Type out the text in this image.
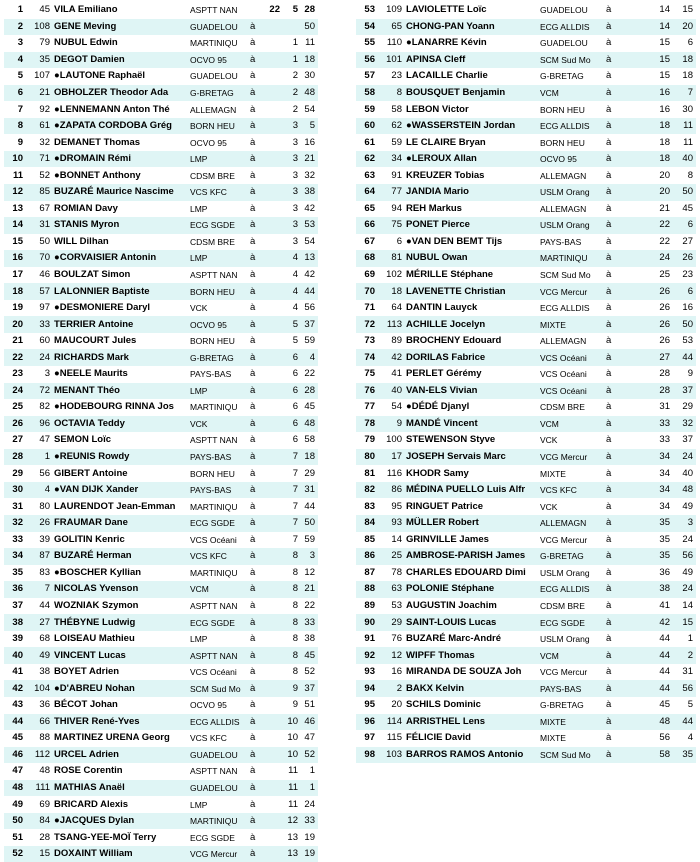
1	45	VILA Emiliano	ASPTT NAN	22	5	28
2	108	GENE Meving	GUADELOU	à		50
3	79	NUBUL Edwin	MARTINIQU	à	1	11
4	35	DEGOT Damien	OCVO 95	à	1	18
5	107	●LAUTONE Raphaël	GUADELOU	à	2	30
6	21	OBHOLZER Theodor Ada	G-BRETAG	à	2	48
7	92	●LENNEMANN Anton Thé	ALLEMAGN	à	2	54
8	61	●ZAPATA CORDOBA Grég	BORN HEU	à	3	5
9	32	DEMANET Thomas	OCVO 95	à	3	16
10	71	●DROMAIN Rémi	LMP	à	3	21
11	52	●BONNET Anthony	CDSM BRE	à	3	32
12	85	BUZARÉ Maurice Nascime	VCS KFC	à	3	38
13	67	ROMIAN Davy	LMP	à	3	42
14	31	STANIS Myron	ECG SGDE	à	3	53
15	50	WILL Dilhan	CDSM BRE	à	3	54
16	70	●CORVAISIER Antonin	LMP	à	4	13
17	46	BOULZAT Simon	ASPTT NAN	à	4	42
18	57	LALONNIER Baptiste	BORN HEU	à	4	44
19	97	●DESMONIERE Daryl	VCK	à	4	56
20	33	TERRIER Antoine	OCVO 95	à	5	37
21	60	MAUCOURT Jules	BORN HEU	à	5	59
22	24	RICHARDS Mark	G-BRETAG	à	6	4
23	3	●NEELE Maurits	PAYS-BAS	à	6	22
24	72	MENANT Théo	LMP	à	6	28
25	82	●HODEBOURG RINNA Jos	MARTINIQU	à	6	45
26	96	OCTAVIA Teddy	VCK	à	6	48
27	47	SEMON Loïc	ASPTT NAN	à	6	58
28	1	●REUNIS Rowdy	PAYS-BAS	à	7	18
29	56	GIBERT Antoine	BORN HEU	à	7	29
30	4	●VAN DIJK Xander	PAYS-BAS	à	7	31
31	80	LAURENDOT Jean-Emman	MARTINIQU	à	7	44
32	26	FRAUMAR Dane	ECG SGDE	à	7	50
33	39	GOLITIN Kenric	VCS Océani	à	7	59
34	87	BUZARÉ Herman	VCS KFC	à	8	3
35	83	●BOSCHER Kyllian	MARTINIQU	à	8	12
36	7	NICOLAS Yvenson	VCM	à	8	21
37	44	WOZNIAK Szymon	ASPTT NAN	à	8	22
38	27	THÉBYNE Ludwig	ECG SGDE	à	8	33
39	68	LOISEAU Mathieu	LMP	à	8	38
40	49	VINCENT Lucas	ASPTT NAN	à	8	45
41	38	BOYET Adrien	VCS Océani	à	8	52
42	104	●D'ABREU Nohan	SCM Sud Mo	à	9	37
43	36	BÉCOT Johan	OCVO 95	à	9	51
44	66	THIVER René-Yves	ECG ALLDIS	à	10	46
45	88	MARTINEZ URENA Georg	VCS KFC	à	10	47
46	112	URCEL Adrien	GUADELOU	à	10	52
47	48	ROSE Corentin	ASPTT NAN	à	11	1
48	111	MATHIAS Anaël	GUADELOU	à	11	1
49	69	BRICARD Alexis	LMP	à	11	24
50	84	●JACQUES Dylan	MARTINIQU	à	12	33
51	28	TSANG-YEE-MOÏ Terry	ECG SGDE	à	13	19
52	15	DOXAINT William	VCG Mercur	à	13	19
53	109	LAVIOLETTE Loïc	GUADELOU	à	14	15
54	65	CHONG-PAN Yoann	ECG ALLDIS	à	14	20
55	110	●LANARRE Kévin	GUADELOU	à	15	6
56	101	APINSA Cleff	SCM Sud Mo	à	15	18
57	23	LACAILLE Charlie	G-BRETAG	à	15	18
58	8	BOUSQUET Benjamin	VCM	à	16	7
59	58	LEBON Victor	BORN HEU	à	16	30
60	62	●WASSERSTEIN Jordan	ECG ALLDIS	à	18	11
61	59	LE CLAIRE Bryan	BORN HEU	à	18	11
62	34	●LEROUX Allan	OCVO 95	à	18	40
63	91	KREUZER Tobias	ALLEMAGN	à	20	8
64	77	JANDIA Mario	USLM Orang	à	20	50
65	94	REH Markus	ALLEMAGN	à	21	45
66	75	PONET Pierce	USLM Orang	à	22	6
67	6	●VAN DEN BEMT Tijs	PAYS-BAS	à	22	27
68	81	NUBUL Owan	MARTINIQU	à	24	26
69	102	MÉRILLE Stéphane	SCM Sud Mo	à	25	23
70	18	LAVENETTE Christian	VCG Mercur	à	26	6
71	64	DANTIN Lauyck	ECG ALLDIS	à	26	16
72	113	ACHILLE Jocelyn	MIXTE	à	26	50
73	89	BROCHENY Edouard	ALLEMAGN	à	26	53
74	42	DORILAS Fabrice	VCS Océani	à	27	44
75	41	PERLET Gérémy	VCS Océani	à	28	9
76	40	VAN-ELS Vivian	VCS Océani	à	28	37
77	54	●DÉDÉ Djanyl	CDSM BRE	à	31	29
78	9	MANDÉ Vincent	VCM	à	33	32
79	100	STEWENSON Styve	VCK	à	33	37
80	17	JOSEPH Servais Marc	VCG Mercur	à	34	24
81	116	KHODR Samy	MIXTE	à	34	40
82	86	MÉDINA PUELLO Luis Alfr	VCS KFC	à	34	48
83	95	RINGUET Patrice	VCK	à	34	49
84	93	MÜLLER Robert	ALLEMAGN	à	35	3
85	14	GRINVILLE James	VCG Mercur	à	35	24
86	25	AMBROSE-PARISH James	G-BRETAG	à	35	56
87	78	CHARLES EDOUARD Dimi	USLM Orang	à	36	49
88	63	POLONIE Stéphane	ECG ALLDIS	à	38	24
89	53	AUGUSTIN Joachim	CDSM BRE	à	41	14
90	29	SAINT-LOUIS Lucas	ECG SGDE	à	42	15
91	76	BUZARÉ Marc-André	USLM Orang	à	44	1
92	12	WIPFF Thomas	VCM	à	44	2
93	16	MIRANDA DE SOUZA Joh	VCG Mercur	à	44	31
94	2	BAKX Kelvin	PAYS-BAS	à	44	56
95	20	SCHILS Dominic	G-BRETAG	à	45	5
96	114	ARRISTHEL Lens	MIXTE	à	48	44
97	115	FÉLICIE David	MIXTE	à	56	4
98	103	BARROS RAMOS Antonio	SCM Sud Mo	à	58	35
